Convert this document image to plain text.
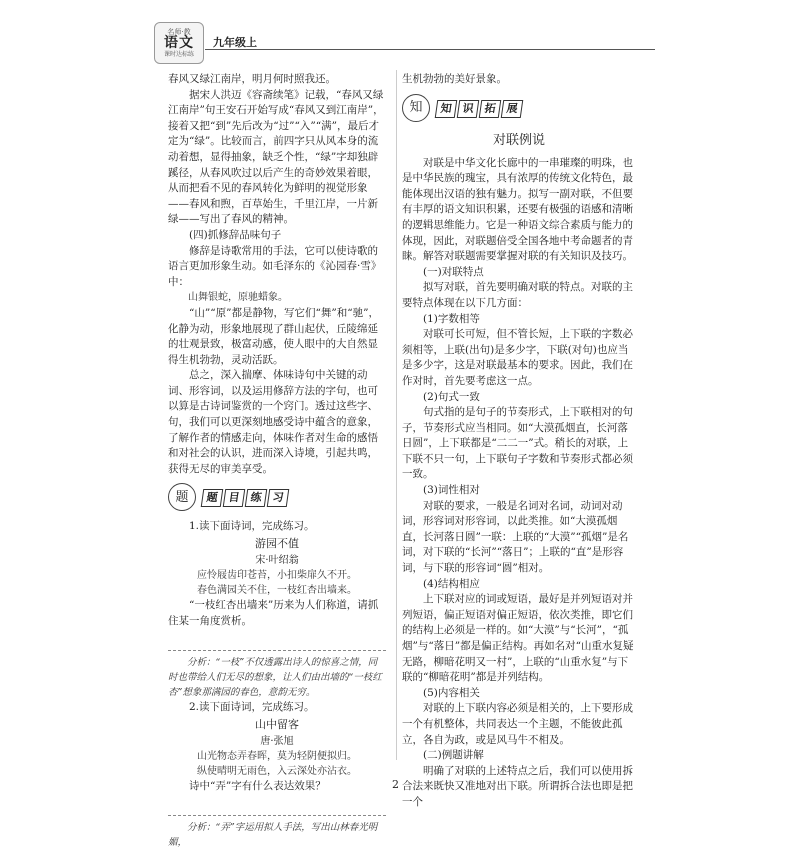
名师·教
语文
课时达标练
九年级上

春风又绿江南岸，明月何时照我还。

据宋人洪迈《容斋续笔》记载，“春风又绿江南岸”句王安石开始写成“春风又到江南岸”，接着又把“到”先后改为“过”“入”“满”，最后才定为“绿”。比较而言，前四字只从风本身的流动着想，显得抽象，缺乏个性，“绿”字却独辟蹊径，从春风吹过以后产生的奇妙效果着眼，从而把看不见的春风转化为鲜明的视觉形象——春风和煦，百草始生，千里江岸，一片新绿——写出了春风的精神。

(四)抓修辞品味句子

修辞是诗歌常用的手法，它可以使诗歌的语言更加形象生动。如毛泽东的《沁园春·雪》中：

山舞银蛇，原驰蜡象。

“山”“原”都是静物，写它们“舞”和“驰”，化静为动，形象地展现了群山起伏，丘陵绵延的壮观景致，极富动感，使人眼中的大自然显得生机勃勃，灵动活跃。

总之，深入揣摩、体味诗句中关键的动词、形容词，以及运用修辞方法的字句，也可以算是古诗词鉴赏的一个窍门。透过这些字、句，我们可以更深刻地感受诗中蕴含的意象，了解作者的情感走向，体味作者对生命的感悟和对社会的认识，进而深入诗境，引起共鸣，获得无尽的审美享受。

题	题 目 练 习

1.读下面诗词，完成练习。

游园不值
宋·叶绍翁
应怜屐齿印苍苔，小扣柴扉久不开。
春色满园关不住，一枝红杏出墙来。

“一枝红杏出墙来”历来为人们称道，请抓住某一角度赏析。

分析：“一枝”不仅透露出诗人的惊喜之情，同时也带给人们无尽的想象，让人们由出墙的“一枝红杏”想象那满园的春色，意韵无穷。

2.读下面诗词，完成练习。

山中留客
唐·张旭
山光物态弄春晖，莫为轻阴便拟归。
纵使晴明无雨色，入云深处亦沾衣。

诗中“弄”字有什么表达效果？

分析：“弄”字运用拟人手法，写出山林春光明媚，

生机勃勃的美好景象。

知	知 识 拓 展
对联例说

对联是中华文化长廊中的一串璀璨的明珠，也是中华民族的瑰宝，具有浓厚的传统文化特色，最能体现出汉语的独有魅力。拟写一副对联，不但要有丰厚的语文知识积累，还要有极强的语感和清晰的逻辑思维能力。它是一种语文综合素质与能力的体现，因此，对联题倍受全国各地中考命题者的青睐。解答对联题需要掌握对联的有关知识及技巧。

(一)对联特点

拟写对联，首先要明确对联的特点。对联的主要特点体现在以下几方面：

(1)字数相等

对联可长可短，但不管长短，上下联的字数必须相等，上联(出句)是多少字，下联(对句)也应当是多少字，这是对联最基本的要求。因此，我们在作对时，首先要考虑这一点。

(2)句式一致

句式指的是句子的节奏形式，上下联相对的句子，节奏形式应当相同。如“大漠孤烟直，长河落日圆”，上下联都是“二二一”式。稍长的对联，上下联不只一句，上下联句子字数和节奏形式都必须一致。

(3)词性相对

对联的要求，一般是名词对名词，动词对动词，形容词对形容词，以此类推。如“大漠孤烟直，长河落日圆”一联：上联的“大漠”“孤烟”是名词，对下联的“长河”“落日”；上联的“直”是形容词，与下联的形容词“圆”相对。

(4)结构相应

上下联对应的词或短语，最好是并列短语对并列短语，偏正短语对偏正短语，依次类推，即它们的结构上必须是一样的。如“大漠”与“长河”，“孤烟”与“落日”都是偏正结构。再如名对“山重水复疑无路，柳暗花明又一村”，上联的“山重水复”与下联的“柳暗花明”都是并列结构。

(5)内容相关

对联的上下联内容必须是相关的，上下要形成一个有机整体，共同表达一个主题，不能彼此孤立，各自为政，或是风马牛不相及。

(二)例题讲解

明确了对联的上述特点之后，我们可以使用拆合法来既快又准地对出下联。所谓拆合法也即是把一个

2
